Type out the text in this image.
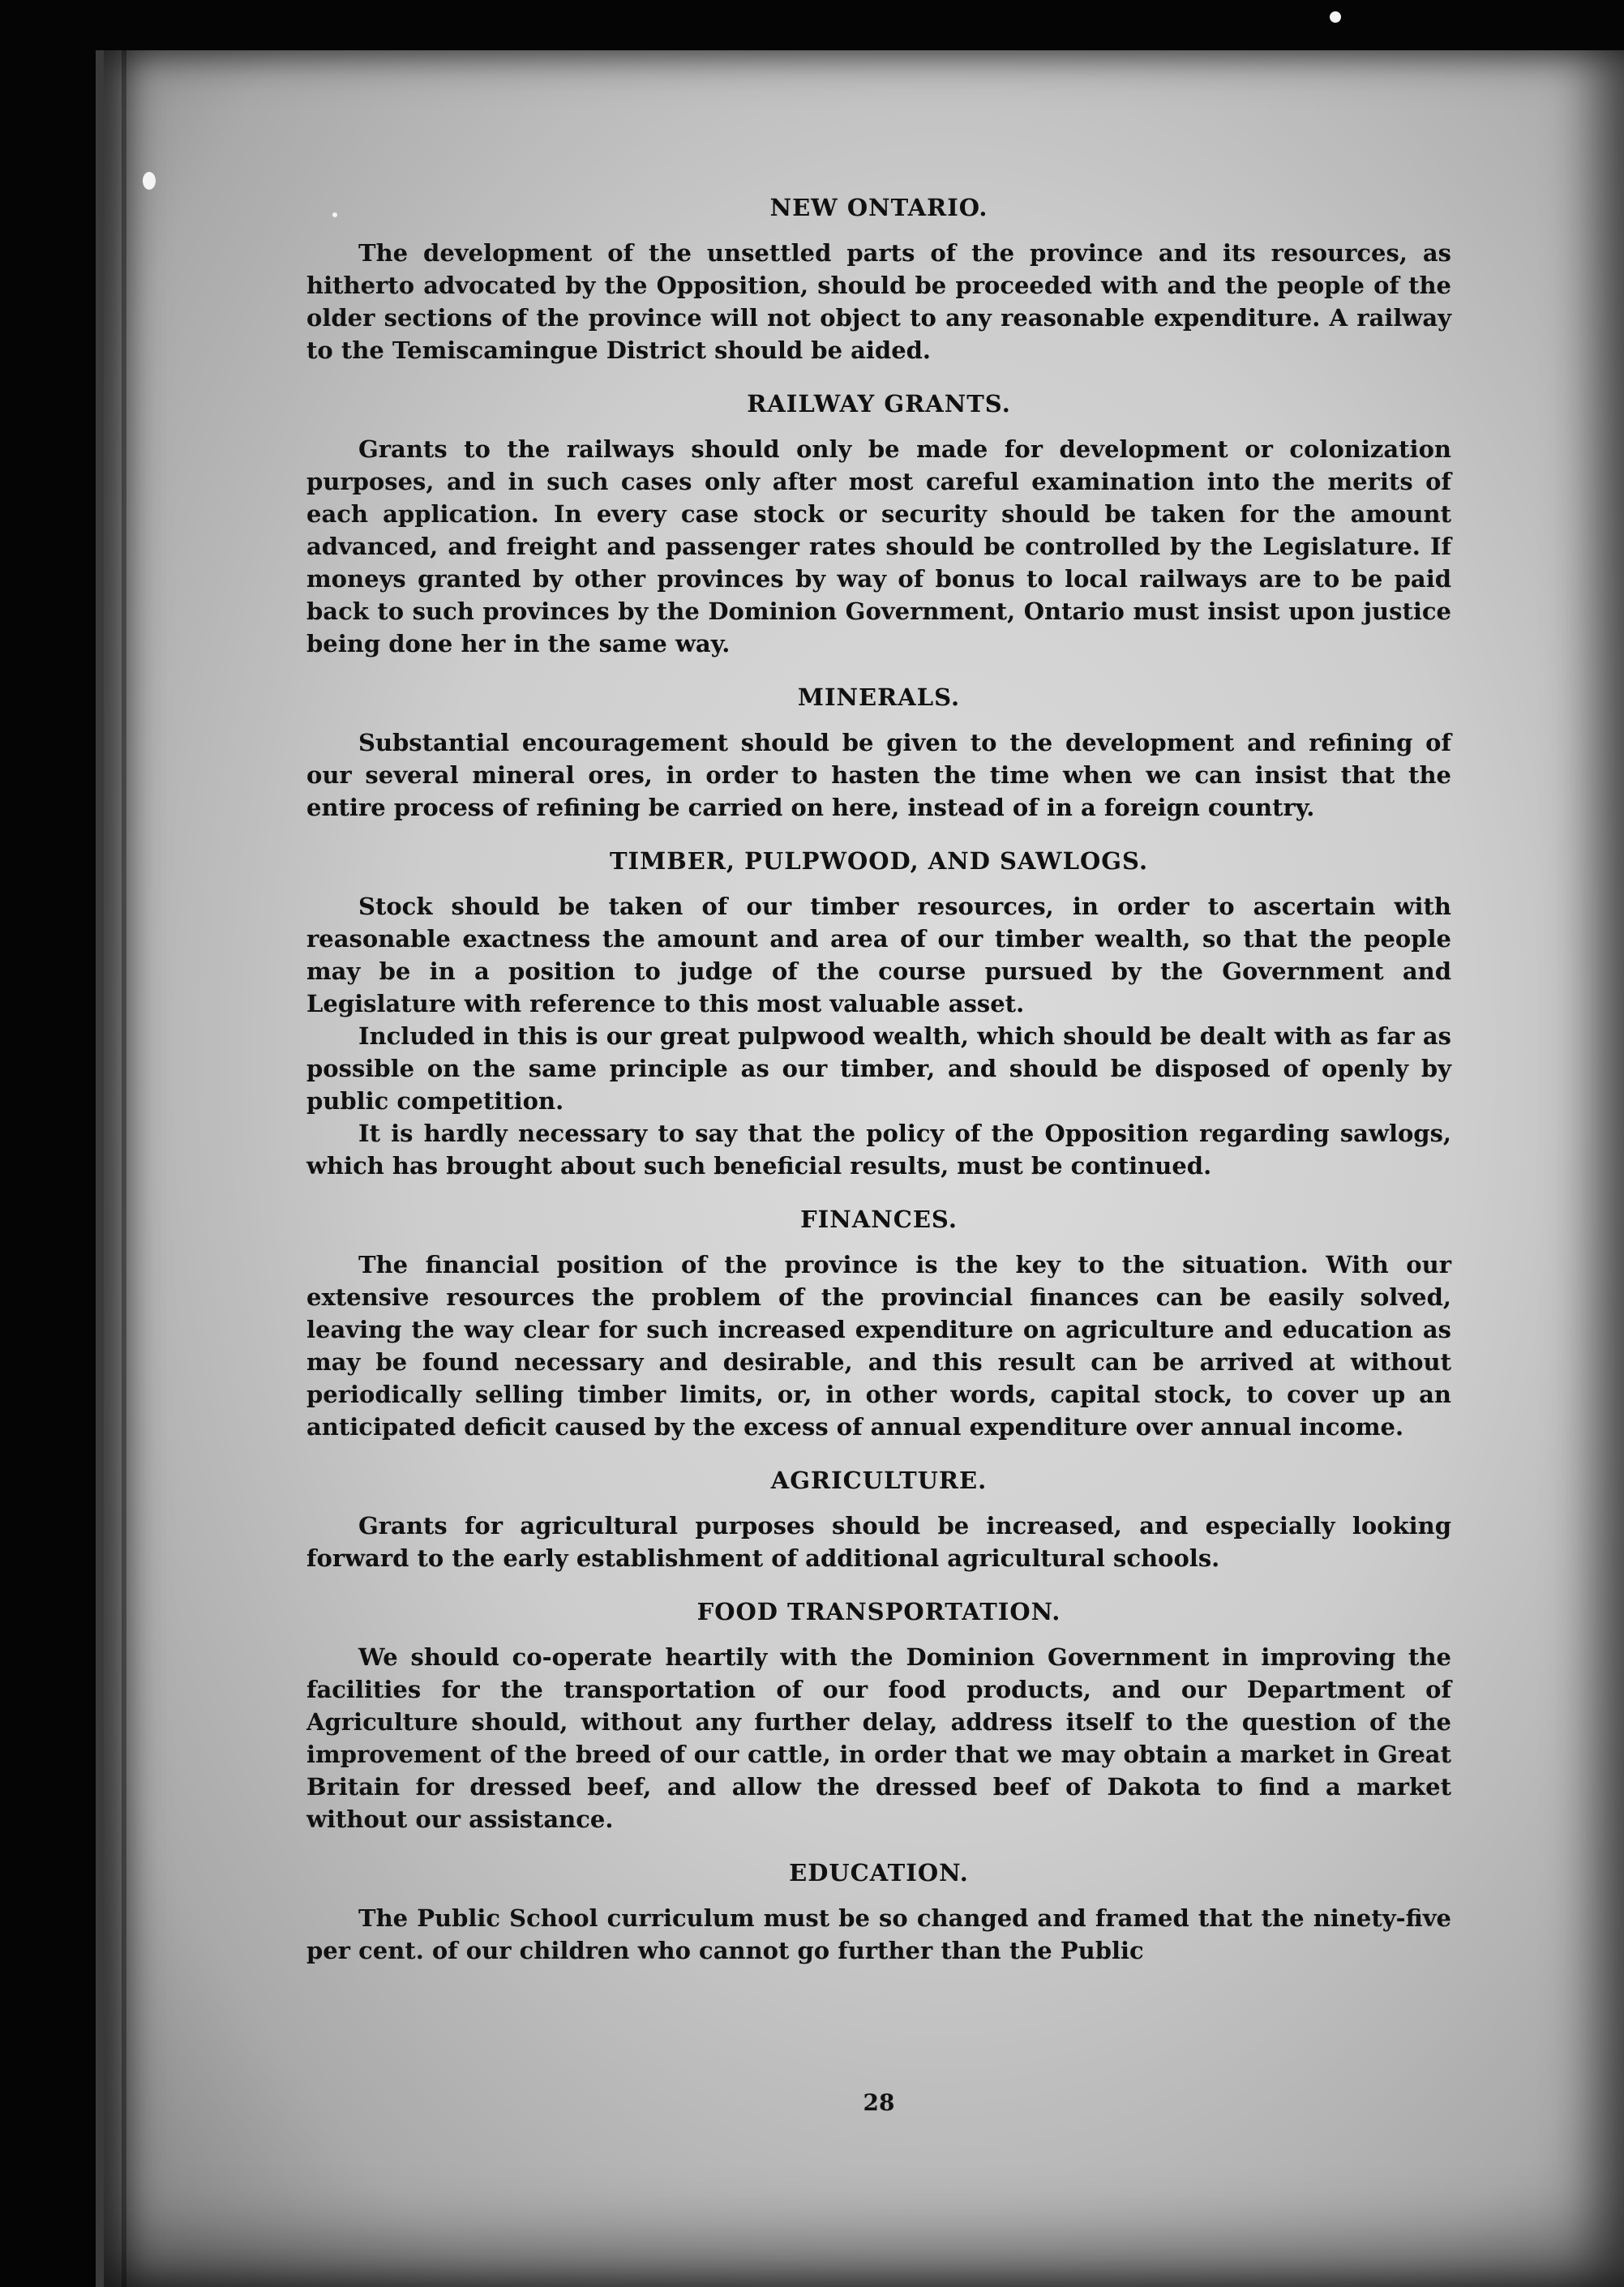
NEW ONTARIO.

The development of the unsettled parts of the province and its resources, as hitherto advocated by the Opposition, should be proceeded with and the people of the older sections of the province will not object to any reasonable expenditure. A railway to the Temiscamingue District should be aided.

RAILWAY GRANTS.

Grants to the railways should only be made for development or colonization purposes, and in such cases only after most careful examination into the merits of each application. In every case stock or security should be taken for the amount advanced, and freight and passenger rates should be controlled by the Legislature. If moneys granted by other provinces by way of bonus to local railways are to be paid back to such provinces by the Dominion Government, Ontario must insist upon justice being done her in the same way.

MINERALS.

Substantial encouragement should be given to the development and refining of our several mineral ores, in order to hasten the time when we can insist that the entire process of refining be carried on here, instead of in a foreign country.

TIMBER, PULPWOOD, AND SAWLOGS.

Stock should be taken of our timber resources, in order to ascertain with reasonable exactness the amount and area of our timber wealth, so that the people may be in a position to judge of the course pursued by the Government and Legislature with reference to this most valuable asset.

Included in this is our great pulpwood wealth, which should be dealt with as far as possible on the same principle as our timber, and should be disposed of openly by public competition.

It is hardly necessary to say that the policy of the Opposition regarding sawlogs, which has brought about such beneficial results, must be continued.

FINANCES.

The financial position of the province is the key to the situation. With our extensive resources the problem of the provincial finances can be easily solved, leaving the way clear for such increased expenditure on agriculture and education as may be found necessary and desirable, and this result can be arrived at without periodically selling timber limits, or, in other words, capital stock, to cover up an anticipated deficit caused by the excess of annual expenditure over annual income.

AGRICULTURE.

Grants for agricultural purposes should be increased, and especially looking forward to the early establishment of additional agricultural schools.

FOOD TRANSPORTATION.

We should co-operate heartily with the Dominion Government in improving the facilities for the transportation of our food products, and our Department of Agriculture should, without any further delay, address itself to the question of the improvement of the breed of our cattle, in order that we may obtain a market in Great Britain for dressed beef, and allow the dressed beef of Dakota to find a market without our assistance.

EDUCATION.

The Public School curriculum must be so changed and framed that the ninety-five per cent. of our children who cannot go further than the Public

28
